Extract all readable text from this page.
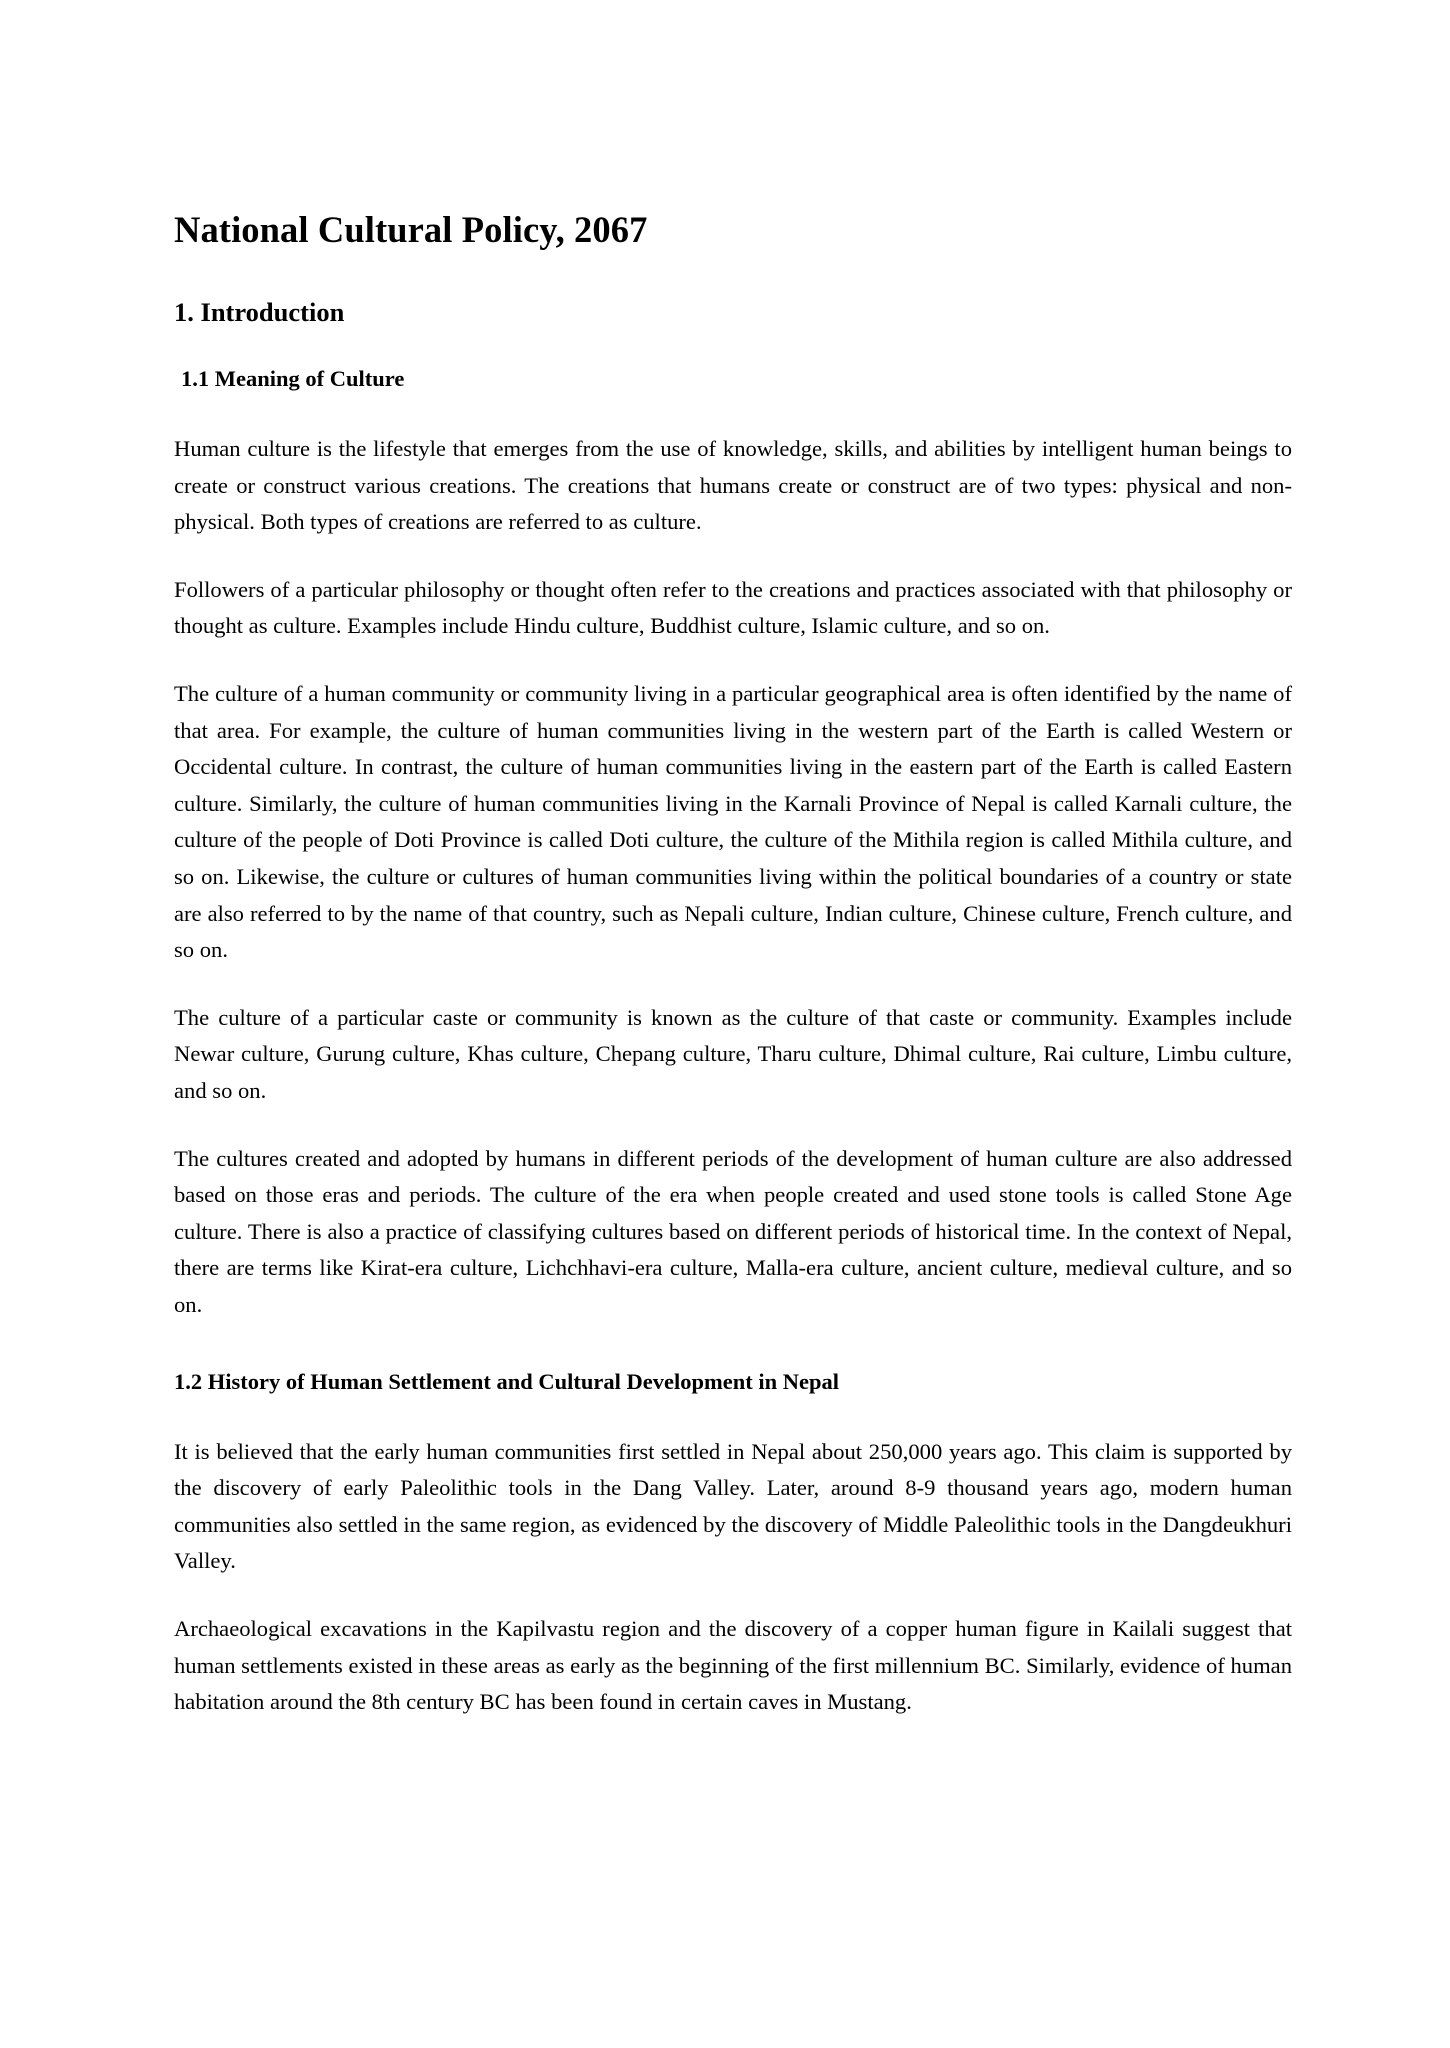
National Cultural Policy, 2067
1. Introduction
1.1 Meaning of Culture

Human culture is the lifestyle that emerges from the use of knowledge, skills, and abilities by intelligent human beings to create or construct various creations. The creations that humans create or construct are of two types: physical and non-physical. Both types of creations are referred to as culture.

Followers of a particular philosophy or thought often refer to the creations and practices associated with that philosophy or thought as culture. Examples include Hindu culture, Buddhist culture, Islamic culture, and so on.

The culture of a human community or community living in a particular geographical area is often identified by the name of that area. For example, the culture of human communities living in the western part of the Earth is called Western or Occidental culture. In contrast, the culture of human communities living in the eastern part of the Earth is called Eastern culture. Similarly, the culture of human communities living in the Karnali Province of Nepal is called Karnali culture, the culture of the people of Doti Province is called Doti culture, the culture of the Mithila region is called Mithila culture, and so on. Likewise, the culture or cultures of human communities living within the political boundaries of a country or state are also referred to by the name of that country, such as Nepali culture, Indian culture, Chinese culture, French culture, and so on.

The culture of a particular caste or community is known as the culture of that caste or community. Examples include Newar culture, Gurung culture, Khas culture, Chepang culture, Tharu culture, Dhimal culture, Rai culture, Limbu culture, and so on.

The cultures created and adopted by humans in different periods of the development of human culture are also addressed based on those eras and periods. The culture of the era when people created and used stone tools is called Stone Age culture. There is also a practice of classifying cultures based on different periods of historical time. In the context of Nepal, there are terms like Kirat-era culture, Lichchhavi-era culture, Malla-era culture, ancient culture, medieval culture, and so on.

1.2 History of Human Settlement and Cultural Development in Nepal

It is believed that the early human communities first settled in Nepal about 250,000 years ago. This claim is supported by the discovery of early Paleolithic tools in the Dang Valley. Later, around 8-9 thousand years ago, modern human communities also settled in the same region, as evidenced by the discovery of Middle Paleolithic tools in the Dangdeukhuri Valley.

Archaeological excavations in the Kapilvastu region and the discovery of a copper human figure in Kailali suggest that human settlements existed in these areas as early as the beginning of the first millennium BC. Similarly, evidence of human habitation around the 8th century BC has been found in certain caves in Mustang.
